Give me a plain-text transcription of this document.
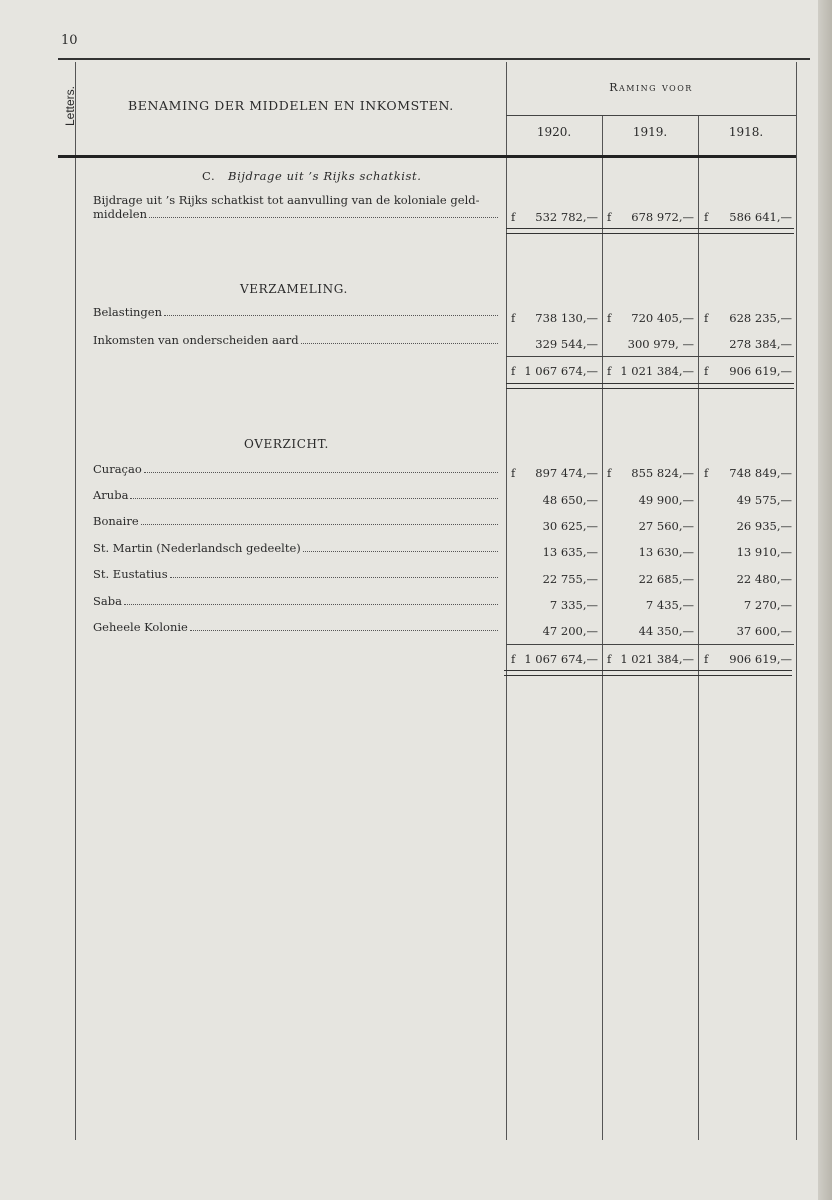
10
Letters.	BENAMING DER MIDDELEN EN INKOMSTEN.
Raming voor
1920.	1919.	1918.
C. Bijdrage uit ’s Rijks schatkist.
Bijdrage uit ’s Rijks schatkist tot aanvulling van de koloniale geld-
middelen	f	532 782,— f	678 972,— f	586 641,—
VERZAMELING.
Belastingen	f	738 130,— f	720 405,— f	628 235,—
Inkomsten van onderscheiden aard	329 544,—	300 979, —	278 384,—
f 1 067 674,— f 1 021 384,— f	906 619,—
OVERZICHT.
Curaçao	f	897 474,— f	855 824,— f	748 849,—
Aruba	48 650,—	49 900,—	49 575,—
Bonaire	30 625,—	27 560,—	26 935,—
St. Martin (Nederlandsch gedeelte)	13 635,—	13 630,—	13 910,—
St. Eustatius	22 755,—	22 685,—	22 480,—
Saba	7 335,—	7 435,—	7 270,—
Geheele Kolonie	47 200,—	44 350,—	37 600,—
f 1 067 674,— f 1 021 384,— f	906 619,—
